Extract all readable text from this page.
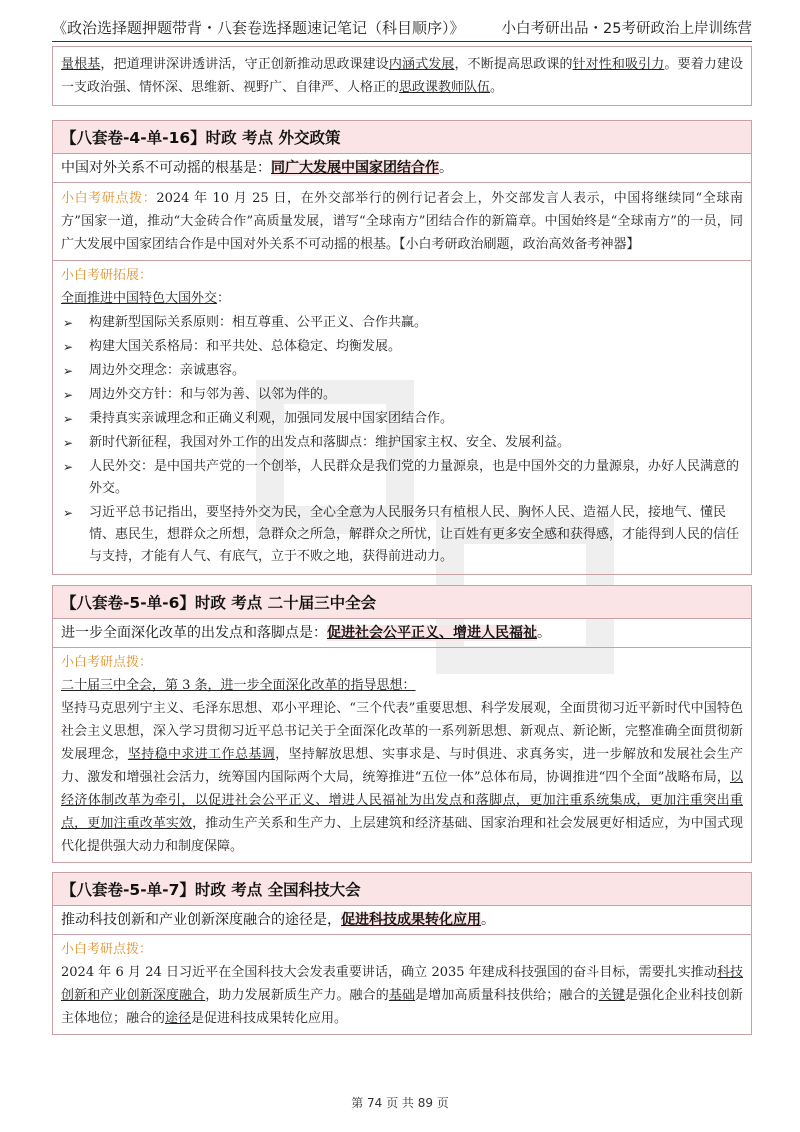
《政治选择题押题带背・八套卷选择题速记笔记（科目顺序）》	小白考研出品・25考研政治上岸训练营
量根基，把道理讲深讲透讲活，守正创新推动思政课建设内涵式发展，不断提高思政课的针对性和吸引力。要着力建设一支政治强、情怀深、思维新、视野广、自律严、人格正的思政课教师队伍。
【八套卷-4-单-16】时政 考点 外交政策
中国对外关系不可动摇的根基是：同广大发展中国家团结合作。
小白考研点拨：2024 年 10 月 25 日，在外交部举行的例行记者会上，外交部发言人表示，中国将继续同“全球南方”国家一道，推动“大金砖合作”高质量发展，谱写“全球南方”团结合作的新篇章。中国始终是“全球南方”的一员，同广大发展中国家团结合作是中国对外关系不可动摇的根基。【小白考研政治刷题，政治高效备考神器】
小白考研拓展：
全面推进中国特色大国外交：
➢ 构建新型国际关系原则：相互尊重、公平正义、合作共赢。
➢ 构建大国关系格局：和平共处、总体稳定、均衡发展。
➢ 周边外交理念：亲诚惠容。
➢ 周边外交方针：和与邻为善、以邻为伴的。
➢ 秉持真实亲诚理念和正确义利观，加强同发展中国家团结合作。
➢ 新时代新征程，我国对外工作的出发点和落脚点：维护国家主权、安全、发展利益。
➢ 人民外交：是中国共产党的一个创举，人民群众是我们党的力量源泉，也是中国外交的力量源泉，办好人民满意的外交。
➢ 习近平总书记指出，要坚持外交为民，全心全意为人民服务只有植根人民、胸怀人民、造福人民，接地气、懂民情、惠民生，想群众之所想，急群众之所急，解群众之所忧，让百姓有更多安全感和获得感，才能得到人民的信任与支持，才能有人气、有底气，立于不败之地，获得前进动力。
【八套卷-5-单-6】时政 考点 二十届三中全会
进一步全面深化改革的出发点和落脚点是：促进社会公平正义、增进人民福祉。
小白考研点拨：
二十届三中全会，第 3 条，进一步全面深化改革的指导思想：
坚持马克思列宁主义、毛泽东思想、邓小平理论、“三个代表”重要思想、科学发展观，全面贯彻习近平新时代中国特色社会主义思想，深入学习贯彻习近平总书记关于全面深化改革的一系列新思想、新观点、新论断，完整准确全面贯彻新发展理念，坚持稳中求进工作总基调，坚持解放思想、实事求是、与时俱进、求真务实，进一步解放和发展社会生产力、激发和增强社会活力，统筹国内国际两个大局，统筹推进“五位一体”总体布局，协调推进“四个全面”战略布局，以经济体制改革为牵引，以促进社会公平正义、增进人民福祉为出发点和落脚点，更加注重系统集成，更加注重突出重点，更加注重改革实效，推动生产关系和生产力、上层建筑和经济基础、国家治理和社会发展更好相适应，为中国式现代化提供强大动力和制度保障。
【八套卷-5-单-7】时政 考点 全国科技大会
推动科技创新和产业创新深度融合的途径是，促进科技成果转化应用。
小白考研点拨：
2024 年 6 月 24 日习近平在全国科技大会发表重要讲话，确立 2035 年建成科技强国的奋斗目标，需要扎实推动科技创新和产业创新深度融合，助力发展新质生产力。融合的基础是增加高质量科技供给；融合的关键是强化企业科技创新主体地位；融合的途径是促进科技成果转化应用。
第 74 页 共 89 页
